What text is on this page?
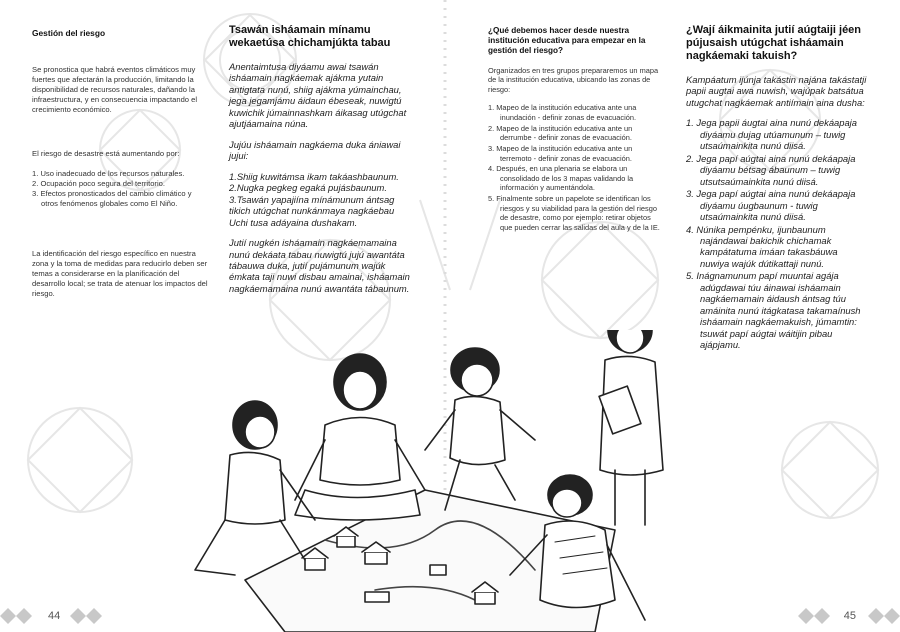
Gestión del riesgo

Se pronostica que habrá eventos climáticos muy fuertes que afectarán la producción, limitando la disponibilidad de recursos naturales, dañando la infraestructura, y en consecuencia impactando el crecimiento económico.

El riesgo de desastre está aumentando por:

1. Uso inadecuado de los recursos naturales.
2. Ocupación poco segura del territorio.
3. Efectos pronosticados del cambio climático y otros fenómenos globales como El Niño.

La identificación del riesgo específico en nuestra zona y la toma de medidas para reducirlo deben ser temas a considerarse en la planificación del desarrollo local; se trata de atenuar los impactos del riesgo.

Tsawán isháamain mínamu wekaetúsa chichamjúkta tabau

Anentaimtusa diyáamu awai tsawán isháamain nagkáemak ajákma yutain antigtata nunú, shiig ajákma yúmainchau, jega jegamjámu áidaun ébeseak, nuwigtú kuwichik júmainnashkam áikasag utúgchat ajutjáamaina núna.

Jujúu isháamain nagkáema duka ániawai jujui:

1.Shiig kuwitámsa ikam takáashbaunum.
2.Nugka pegkeg egaká pujásbaunum.
3.Tsawán yapajiína mínámunum ántsag tikich utúgchat nunkánmaya nagkáebau Uchi tusa adáyaina dushakam.

Jutií nugkén isháamain nagkáemamaina nunú dekáata tabau nuwigtú jujú awantáta tábauwa duka, jutií pujámunum wajúk émkata taji nuwi disbau amainai, isháamain nagkáemamaina nunú awantáta tábaunum.

¿Qué debemos hacer desde nuestra institución educativa para empezar en la gestión del riesgo?

Organizados en tres grupos prepararemos un mapa de la institución educativa, ubicando las zonas de riesgo:

1. Mapeo de la institución educativa ante una inundación - definir zonas de evacuación.
2. Mapeo de la institución educativa ante un derrumbe - definir zonas de evacuación.
3. Mapeo de la institución educativa ante un terremoto - definir zonas de evacuación.
4. Después, en una plenaria se elabora un consolidado de los 3 mapas validando la información y aumentándola.
5. Finalmente sobre un papelote se identifican los riesgos y su viabilidad para la gestión del riesgo de desastre, como por ejemplo: retirar objetos que pueden cerrar las salidas del aula y de la IE.
¿Wají áikmainita jutií aúgtaiji jéen pújusaish utúgchat isháamain nagkáemaki takuish?

Kampáatum ijúnja takástin najána takástatji papii augtai awa nuwish, wajúpak batsátua utugchat nagkáemak antiímain aina dusha:

1. Jega papii áugtai aina nunú dekáapaja diyáamu dujag utúamunum – tuwig utsaúmainkita nunú diisá.
2. Jega papí aúgtai aina nunú dekáapaja diyáamu bétsag ábaunum – tuwig utsutsaúmainkita nunú diisá.
3. Jega papí aúgtai aina nunú dekáapaja diyáamu úugbaunum - tuwig utsaúmainkita nunú diisá.
4. Núnika pempénku, ijunbaunum najándawai bakichik chichamak kampátatuma imáan takasbáuwa nuwiya wajúk dútikattaji nunú.
5. Inágnamunum papí muuntai agája adúgdawai túu áinawai isháamain nagkáemamain áidaush ántsag túu amáinita nunú itágkatasa takamaínush isháamain nagkáemakuish, júmamtin: tsuwát papí aúgtai wáitijin pibau ajápjamu.
44	45
